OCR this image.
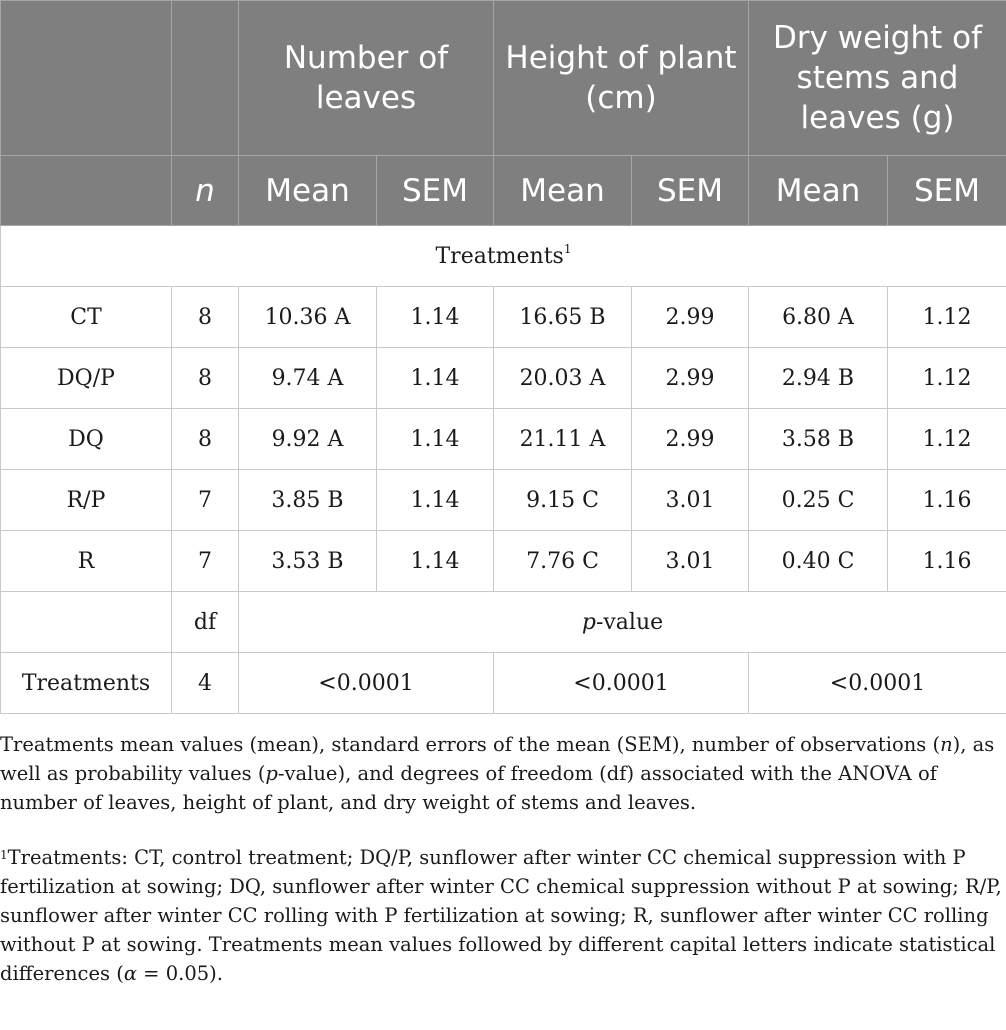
		Number of leaves		Height of plant (cm)		Dry weight of stems and leaves (g)	
	n	Mean	SEM	Mean	SEM	Mean	SEM
Treatments$^1$
CT	8	10.36 A	1.14	16.65 B	2.99	6.80 A	1.12
DQ/P	8	9.74 A	1.14	20.03 A	2.99	2.94 B	1.12
DQ	8	9.92 A	1.14	21.11 A	2.99	3.58 B	1.12
R/P	7	3.85 B	1.14	9.15 C	3.01	0.25 C	1.16
R	7	3.53 B	1.14	7.76 C	3.01	0.40 C	1.16
	df	p-value					
Treatments	4	<0.0001		<0.0001		<0.0001	
Treatments mean values (mean), standard errors of the mean (SEM), number of observations (n), as well as probability values (p-value), and degrees of freedom (df) associated with the ANOVA of number of leaves, height of plant, and dry weight of stems and leaves.
$^1$Treatments: CT, control treatment; DQ/P, sunflower after winter CC chemical suppression with P fertilization at sowing; DQ, sunflower after winter CC chemical suppression without P at sowing; R/P, sunflower after winter CC rolling with P fertilization at sowing; R, sunflower after winter CC rolling without P at sowing. Treatments mean values followed by different capital letters indicate statistical differences (α = 0.05).
